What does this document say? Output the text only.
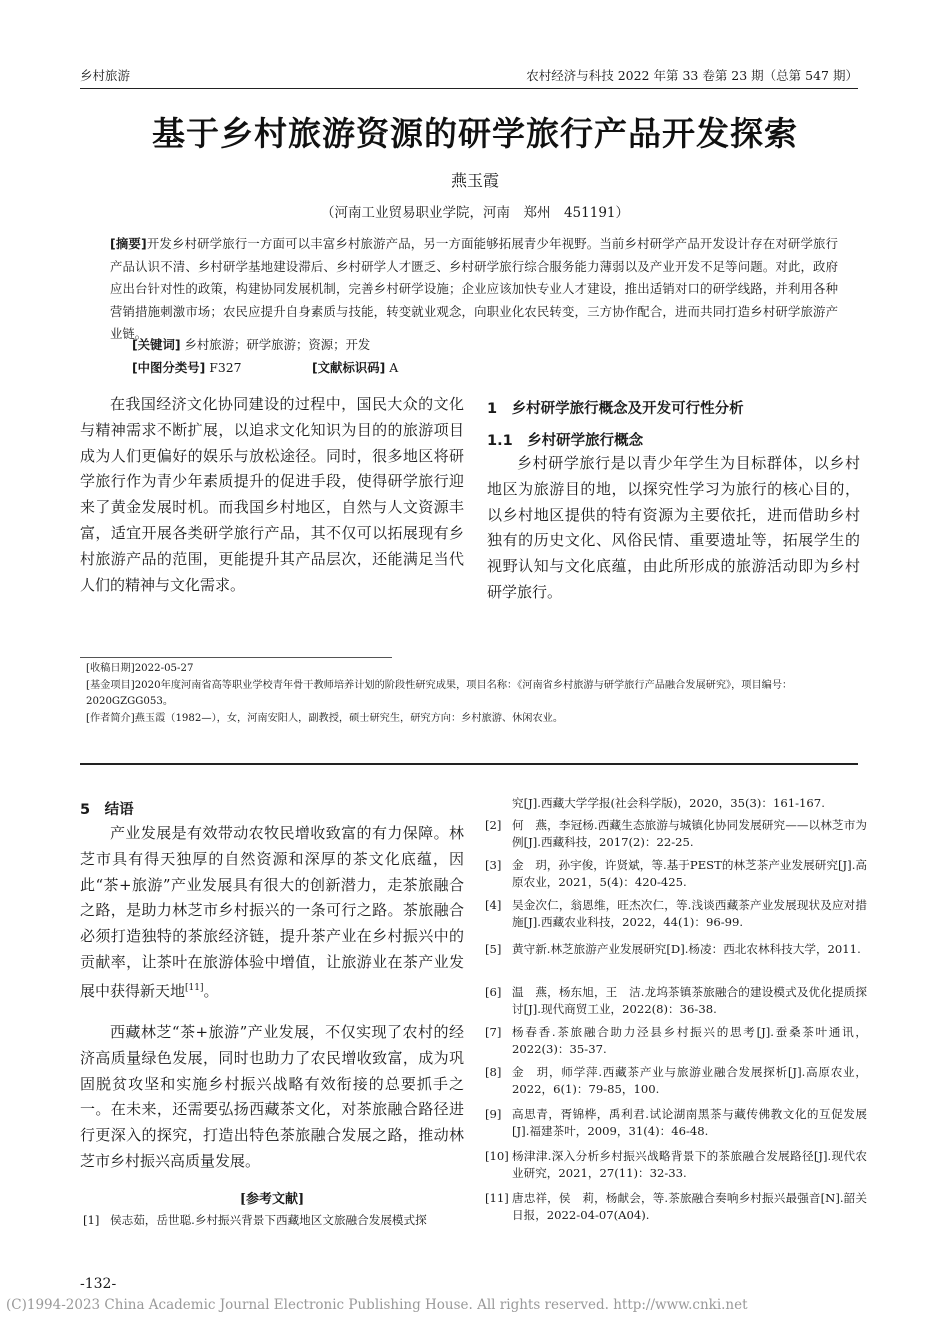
乡村旅游	农村经济与科技 2022 年第 33 卷第 23 期（总第 547 期）
基于乡村旅游资源的研学旅行产品开发探索
燕玉霞
（河南工业贸易职业学院，河南　郑州　451191）
[摘要]开发乡村研学旅行一方面可以丰富乡村旅游产品，另一方面能够拓展青少年视野。当前乡村研学产品开发设计存在对研学旅行产品认识不清、乡村研学基地建设滞后、乡村研学人才匮乏、乡村研学旅行综合服务能力薄弱以及产业开发不足等问题。对此，政府应出台针对性的政策，构建协同发展机制，完善乡村研学设施；企业应该加快专业人才建设，推出适销对口的研学线路，并利用各种营销措施刺激市场；农民应提升自身素质与技能，转变就业观念，向职业化农民转变，三方协作配合，进而共同打造乡村研学旅游产业链。
[关键词] 乡村旅游；研学旅游；资源；开发
[中图分类号] F327	[文献标识码] A
在我国经济文化协同建设的过程中，国民大众的文化与精神需求不断扩展，以追求文化知识为目的的旅游项目成为人们更偏好的娱乐与放松途径。同时，很多地区将研学旅行作为青少年素质提升的促进手段，使得研学旅行迎来了黄金发展时机。而我国乡村地区，自然与人文资源丰富，适宜开展各类研学旅行产品，其不仅可以拓展现有乡村旅游产品的范围，更能提升其产品层次，还能满足当代人们的精神与文化需求。
1　乡村研学旅行概念及开发可行性分析
1.1　乡村研学旅行概念
乡村研学旅行是以青少年学生为目标群体，以乡村地区为旅游目的地，以探究性学习为旅行的核心目的，以乡村地区提供的特有资源为主要依托，进而借助乡村独有的历史文化、风俗民情、重要遗址等，拓展学生的视野认知与文化底蕴，由此所形成的旅游活动即为乡村研学旅行。
[收稿日期]2022-05-27
[基金项目]2020年度河南省高等职业学校青年骨干教师培养计划的阶段性研究成果，项目名称：《河南省乡村旅游与研学旅行产品融合发展研究》，项目编号：2020GZGG053。
[作者简介]燕玉霞（1982—），女，河南安阳人，副教授，硕士研究生，研究方向：乡村旅游、休闲农业。
5　结语
产业发展是有效带动农牧民增收致富的有力保障。林芝市具有得天独厚的自然资源和深厚的茶文化底蕴，因此“茶+旅游”产业发展具有很大的创新潜力，走茶旅融合之路，是助力林芝市乡村振兴的一条可行之路。茶旅融合必须打造独特的茶旅经济链，提升茶产业在乡村振兴中的贡献率，让茶叶在旅游体验中增值，让旅游业在茶产业发展中获得新天地[11]。
西藏林芝“茶+旅游”产业发展，不仅实现了农村的经济高质量绿色发展，同时也助力了农民增收致富，成为巩固脱贫攻坚和实施乡村振兴战略有效衔接的总要抓手之一。在未来，还需要弘扬西藏茶文化，对茶旅融合路径进行更深入的探究，打造出特色茶旅融合发展之路，推动林芝市乡村振兴高质量发展。
[参考文献]
[1] 侯志茹，岳世聪.乡村振兴背景下西藏地区文旅融合发展模式探
究[J].西藏大学学报(社会科学版)，2020，35(3)：161-167.
[2] 何　燕，李冠杨.西藏生态旅游与城镇化协同发展研究——以林芝市为例[J].西藏科技，2017(2)：22-25.
[3] 金　玥，孙宇俊，许贤斌，等.基于PEST的林芝茶产业发展研究[J].高原农业，2021，5(4)：420-425.
[4] 吴金次仁，翁恩维，旺杰次仁，等.浅谈西藏茶产业发展现状及应对措施[J].西藏农业科技，2022，44(1)：96-99.
[5] 黄守新.林芝旅游产业发展研究[D].杨凌：西北农林科技大学，2011.
[6] 温　燕，杨东旭，王　洁.龙坞茶镇茶旅融合的建设模式及优化提质探讨[J].现代商贸工业，2022(8)：36-38.
[7] 杨春香.茶旅融合助力泾县乡村振兴的思考[J].蚕桑茶叶通讯，2022(3)：35-37.
[8] 金　玥，师学萍.西藏茶产业与旅游业融合发展探析[J].高原农业，2022，6(1)：79-85，100.
[9] 高思青，胥锦桦，禹利君.试论湖南黑茶与藏传佛教文化的互促发展[J].福建茶叶，2009，31(4)：46-48.
[10] 杨津津.深入分析乡村振兴战略背景下的茶旅融合发展路径[J].现代农业研究，2021，27(11)：32-33.
[11] 唐忠祥，侯　莉，杨献会，等.茶旅融合奏响乡村振兴最强音[N].韶关日报，2022-04-07(A04).
-132-
(C)1994-2023 China Academic Journal Electronic Publishing House. All rights reserved. http://www.cnki.net
